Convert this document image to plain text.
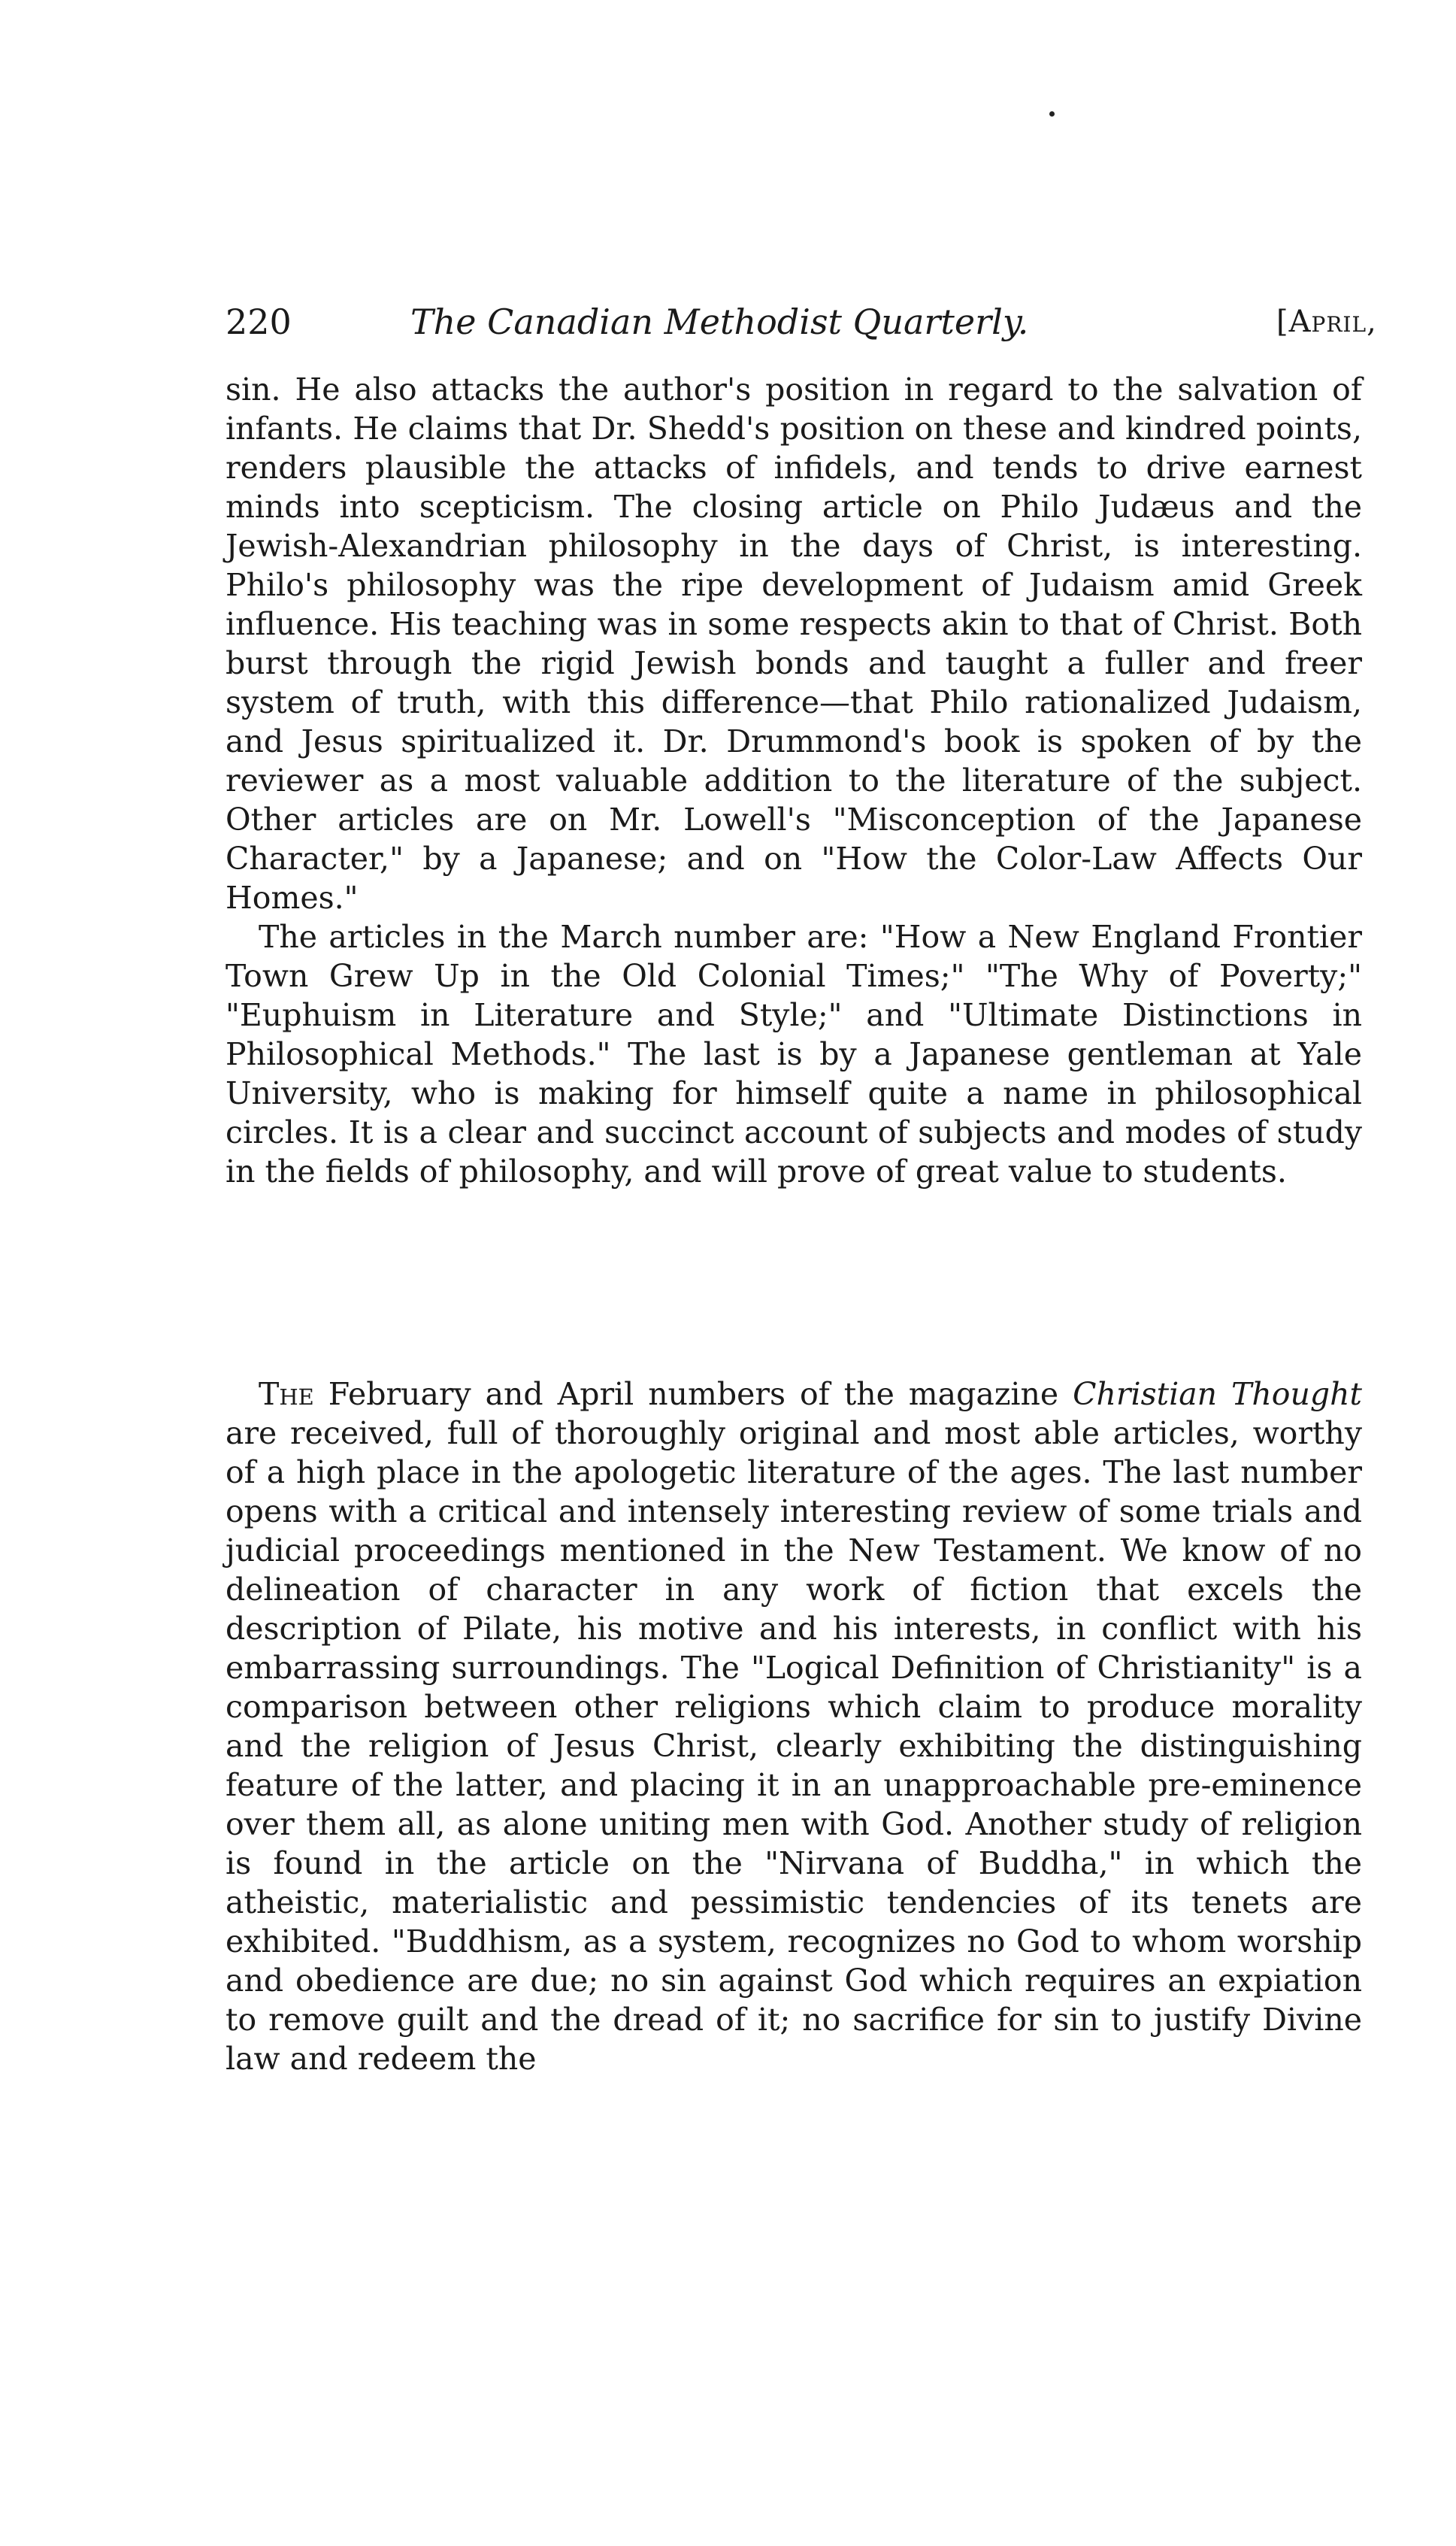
220	The Canadian Methodist Quarterly.	[April,

sin. He also attacks the author's position in regard to the salvation of infants. He claims that Dr. Shedd's position on these and kindred points, renders plausible the attacks of infidels, and tends to drive earnest minds into scepticism. The closing article on Philo Judæus and the Jewish-Alexandrian philosophy in the days of Christ, is interesting. Philo's philosophy was the ripe development of Judaism amid Greek influence. His teaching was in some respects akin to that of Christ. Both burst through the rigid Jewish bonds and taught a fuller and freer system of truth, with this difference—that Philo rationalized Judaism, and Jesus spiritualized it. Dr. Drummond's book is spoken of by the reviewer as a most valuable addition to the literature of the subject. Other articles are on Mr. Lowell's "Misconception of the Japanese Character," by a Japanese; and on "How the Color-Law Affects Our Homes."

The articles in the March number are: "How a New England Frontier Town Grew Up in the Old Colonial Times;" "The Why of Poverty;" "Euphuism in Literature and Style;" and "Ultimate Distinctions in Philosophical Methods." The last is by a Japanese gentleman at Yale University, who is making for himself quite a name in philosophical circles. It is a clear and succinct account of subjects and modes of study in the fields of philosophy, and will prove of great value to students.

The February and April numbers of the magazine Christian Thought are received, full of thoroughly original and most able articles, worthy of a high place in the apologetic literature of the ages. The last number opens with a critical and intensely interesting review of some trials and judicial proceedings mentioned in the New Testament. We know of no delineation of character in any work of fiction that excels the description of Pilate, his motive and his interests, in conflict with his embarrassing surroundings. The "Logical Definition of Christianity" is a comparison between other religions which claim to produce morality and the religion of Jesus Christ, clearly exhibiting the distinguishing feature of the latter, and placing it in an unapproachable pre-eminence over them all, as alone uniting men with God. Another study of religion is found in the article on the "Nirvana of Buddha," in which the atheistic, materialistic and pessimistic tendencies of its tenets are exhibited. "Buddhism, as a system, recognizes no God to whom worship and obedience are due; no sin against God which requires an expiation to remove guilt and the dread of it; no sacrifice for sin to justify Divine law and redeem the
